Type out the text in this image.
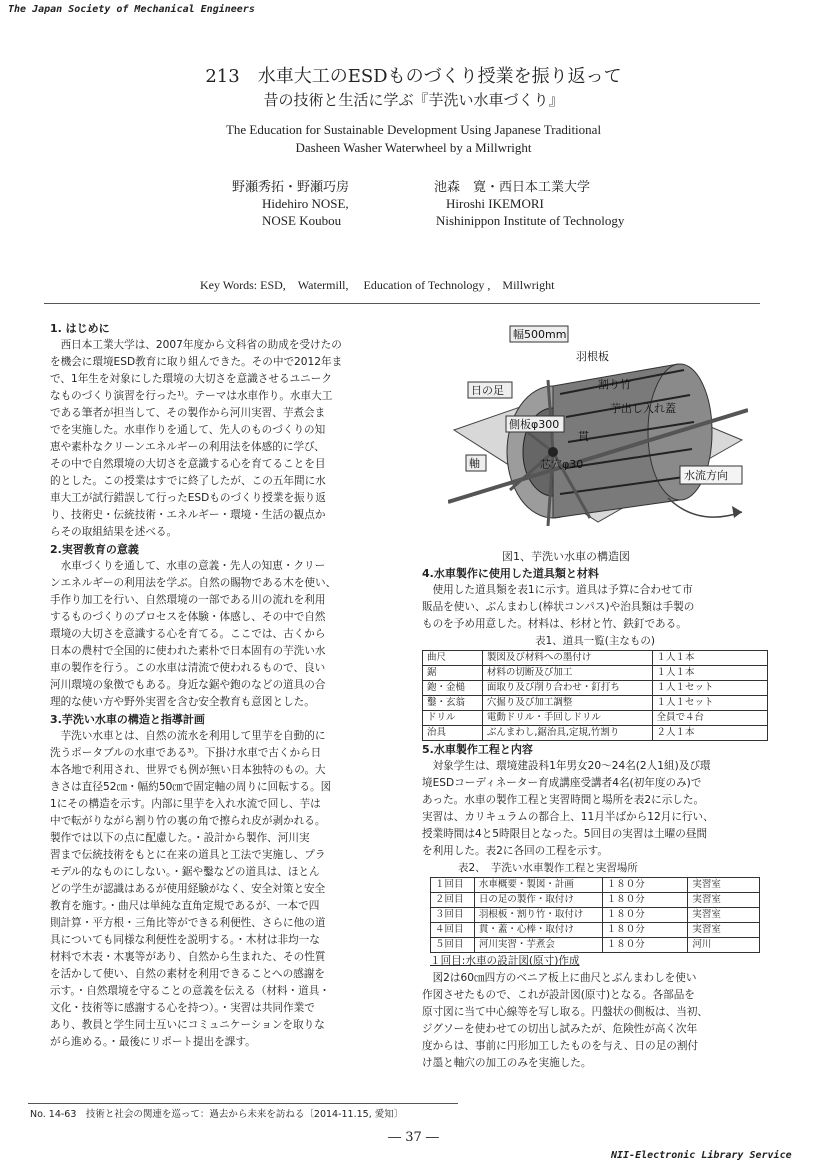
The Japan Society of Mechanical Engineers
213　水車大工のESDものづくり授業を振り返って
昔の技術と生活に学ぶ『芋洗い水車づくり』
The Education for Sustainable Development Using Japanese Traditional
Dasheen Washer Waterwheel by a Millwright
野瀬秀拓・野瀬巧房
Hidehiro NOSE,
NOSE Koubou
池森　寛・西日本工業大学
Hiroshi IKEMORI
Nishinippon Institute of Technology
Key Words: ESD,　Watermill,　 Education of Technology ,　Millwright
1. はじめに

西日本工業大学は、2007年度から文科省の助成を受けたの

を機会に環境ESD教育に取り組んできた。その中で2012年ま

で、1年生を対象にした環境の大切さを意識させるユニーク

なものづくり演習を行った¹⁾。テーマは水車作り。水車大工

である筆者が担当して、その製作から河川実習、芋煮会ま

でを実施した。水車作りを通して、先人のものづくりの知

恵や素朴なクリーンエネルギーの利用法を体感的に学び、

その中で自然環境の大切さを意識する心を育てることを目

的とした。この授業はすでに終了したが、この五年間に水

車大工が試行錯誤して行ったESDものづくり授業を振り返

り、技術史・伝統技術・エネルギー・環境・生活の観点か

らその取組結果を述べる。

2.実習教育の意義

水車づくりを通して、水車の意義・先人の知恵・クリー

ンエネルギーの利用法を学ぶ。自然の賜物である木を使い、

手作り加工を行い、自然環境の一部である川の流れを利用

するものづくりのプロセスを体験・体感し、その中で自然

環境の大切さを意識する心を育てる。ここでは、古くから

日本の農村で全国的に使われた素朴で日本固有の芋洗い水

車の製作を行う。この水車は清流で使われるもので、良い

河川環境の象徴でもある。身近な鋸や鉋のなどの道具の合

理的な使い方や野外実習を含む安全教育も意図とした。

3.芋洗い水車の構造と指導計画

芋洗い水車とは、自然の流水を利用して里芋を自動的に

洗うポータブルの水車である³⁾。下掛け水車で古くから日

本各地で利用され、世界でも例が無い日本独特のもの。大

きさは直径52㎝・幅約50㎝で固定軸の周りに回転する。図

1にその構造を示す。内部に里芋を入れ水流で回し、芋は

中で転がりながら割り竹の裏の角で擦られ皮が剥かれる。

製作では以下の点に配慮した。・設計から製作、河川実

習まで伝統技術をもとに在来の道具と工法で実施し、プラ

モデル的なものにしない。・鋸や鑿などの道具は、ほとん

どの学生が認識はあるが使用経験がなく、安全対策と安全

教育を施す。・曲尺は単純な直角定規であるが、一本で四

則計算・平方根・三角比等ができる利便性、さらに他の道

具についても同様な利便性を説明する。・木材は非均一な

材料で木表・木裏等があり、自然から生まれた、その性質

を活かして使い、自然の素材を利用できることへの感謝を

示す。・自然環境を守ることの意義を伝える（材料・道具・

文化・技術等に感謝する心を持つ）。・実習は共同作業で

あり、教員と学生同士互いにコミュニケーションを取りな

がら進める。・最後にリポート提出を課す。

幅500mm
羽根板
割り竹
日の足
芋出し入れ蓋
側板φ300
貫
軸	芯穴φ30
水流方向
図1、芋洗い水車の構造図
4.水車製作に使用した道具類と材料

使用した道具類を表1に示す。道具は予算に合わせて市

販品を使い、ぶんまわし(棒状コンパス)や治具類は手製の

ものを予め用意した。材料は、杉材と竹、鉄釘である。

表1、道具一覧(主なもの)
曲尺	製図及び材料への墨付け	１人１本
鋸	材料の切断及び加工	１人１本
鉋・金槌	面取り及び削り合わせ・釘打ち	１人１セット
鑿・玄翁	穴掘り及び加工調整	１人１セット
ドリル	電動ドリル・手回しドリル	全員で４台
治具	ぶんまわし,鋸治具,定規,竹割り	２人１本
5.水車製作工程と内容

対象学生は、環境建設科1年男女20～24名(2人1組)及び環

境ESDコーディネーター育成講座受講者4名(初年度のみ)で

あった。水車の製作工程と実習時間と場所を表2に示した。

実習は、カリキュラムの都合上、11月半ばから12月に行い、

授業時間は4と5時限目となった。5回目の実習は土曜の昼間

を利用した。表2に各回の工程を示す。

表2、　芋洗い水車製作工程と実習場所
１回目	水車概要・製図・計画	１８０分	実習室
２回目	日の足の製作・取付け	１８０分	実習室
３回目	羽根板・割り竹・取付け	１８０分	実習室
４回目	貫・蓋・心棒・取付け	１８０分	実習室
５回目	河川実習・芋煮会	１８０分	河川
１回目:水車の設計図(原寸)作成

図2は60㎝四方のベニア板上に曲尺とぶんまわしを使い

作図させたもので、これが設計図(原寸)となる。各部品を

原寸図に当て中心線等を写し取る。円盤状の側板は、当初、

ジグソーを使わせての切出し試みたが、危険性が高く次年

度からは、事前に円形加工したものを与え、日の足の割付

け墨と軸穴の加工のみを実施した。

No. 14-63　技術と社会の関連を巡って：過去から未来を訪ねる〔2014-11.15, 愛知〕
― 37 ―
NII-Electronic Library Service
